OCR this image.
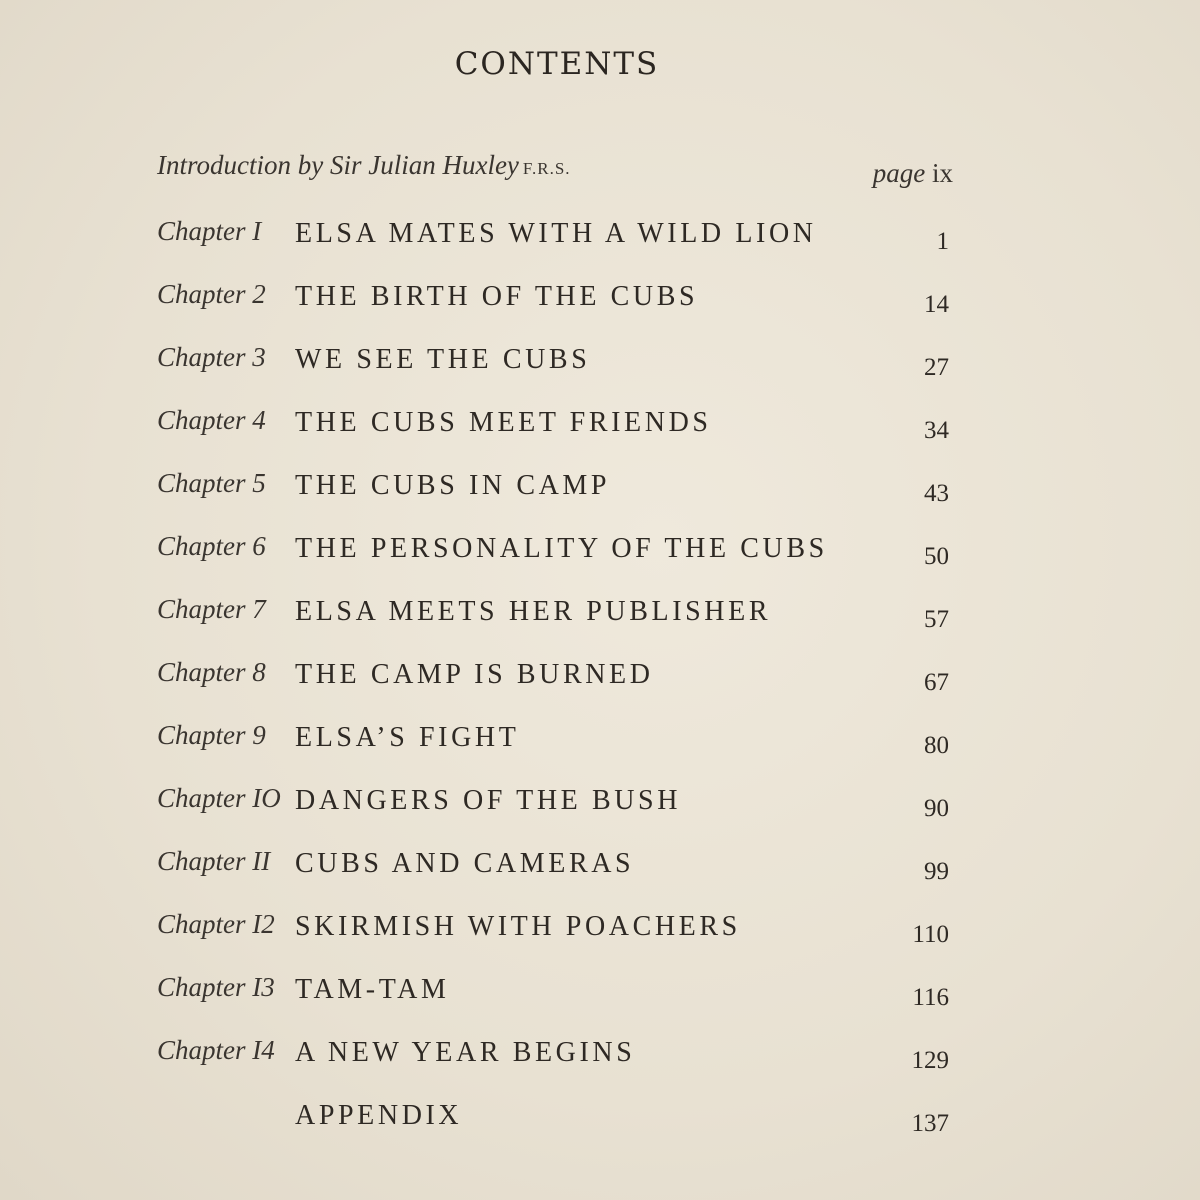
CONTENTS
Introduction by Sir Julian Huxley F.R.S.	page ix
Chapter I ELSA MATES WITH A WILD LION	1
Chapter 2 THE BIRTH OF THE CUBS	14
Chapter 3 WE SEE THE CUBS	27
Chapter 4 THE CUBS MEET FRIENDS	34
Chapter 5 THE CUBS IN CAMP	43
Chapter 6 THE PERSONALITY OF THE CUBS	50
Chapter 7 ELSA MEETS HER PUBLISHER	57
Chapter 8 THE CAMP IS BURNED	67
Chapter 9 ELSA’S FIGHT	80
Chapter IO DANGERS OF THE BUSH	90
Chapter II CUBS AND CAMERAS	99
Chapter I2 SKIRMISH WITH POACHERS	110
Chapter I3 TAM-TAM	116
Chapter I4 A NEW YEAR BEGINS	129
APPENDIX	137
